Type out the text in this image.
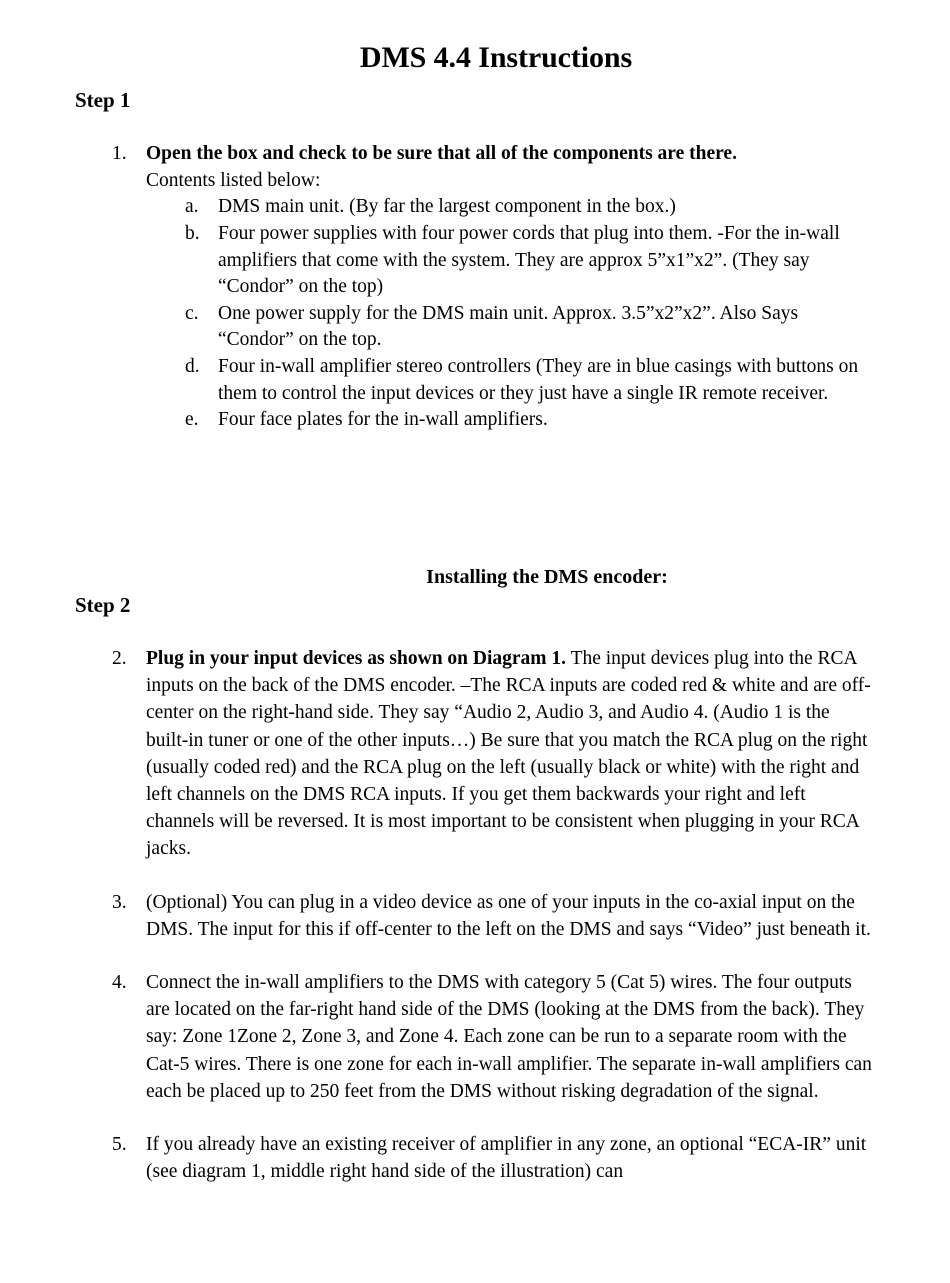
DMS 4.4 Instructions
Step 1
1. Open the box and check to be sure that all of the components are there.
Contents listed below:
a. DMS main unit. (By far the largest component in the box.)
b. Four power supplies with four power cords that plug into them. -For the in-wall amplifiers that come with the system. They are approx 5”x1”x2”. (They say “Condor” on the top)
c. One power supply for the DMS main unit. Approx. 3.5”x2”x2”. Also Says “Condor” on the top.
d. Four in-wall amplifier stereo controllers (They are in blue casings with buttons on them to control the input devices or they just have a single IR remote receiver.
e. Four face plates for the in-wall amplifiers.
Installing the DMS encoder:
Step 2
2. Plug in your input devices as shown on Diagram 1. The input devices plug into the RCA inputs on the back of the DMS encoder. –The RCA inputs are coded red & white and are off-center on the right-hand side. They say “Audio 2, Audio 3, and Audio 4. (Audio 1 is the built-in tuner or one of the other inputs…) Be sure that you match the RCA plug on the right (usually coded red) and the RCA plug on the left (usually black or white) with the right and left channels on the DMS RCA inputs. If you get them backwards your right and left channels will be reversed. It is most important to be consistent when plugging in your RCA jacks.
3. (Optional) You can plug in a video device as one of your inputs in the co-axial input on the DMS. The input for this if off-center to the left on the DMS and says “Video” just beneath it.
4. Connect the in-wall amplifiers to the DMS with category 5 (Cat 5) wires. The four outputs are located on the far-right hand side of the DMS (looking at the DMS from the back). They say: Zone 1Zone 2, Zone 3, and Zone 4. Each zone can be run to a separate room with the Cat-5 wires. There is one zone for each in-wall amplifier. The separate in-wall amplifiers can each be placed up to 250 feet from the DMS without risking degradation of the signal.
5. If you already have an existing receiver of amplifier in any zone, an optional “ECA-IR” unit (see diagram 1, middle right hand side of the illustration) can
